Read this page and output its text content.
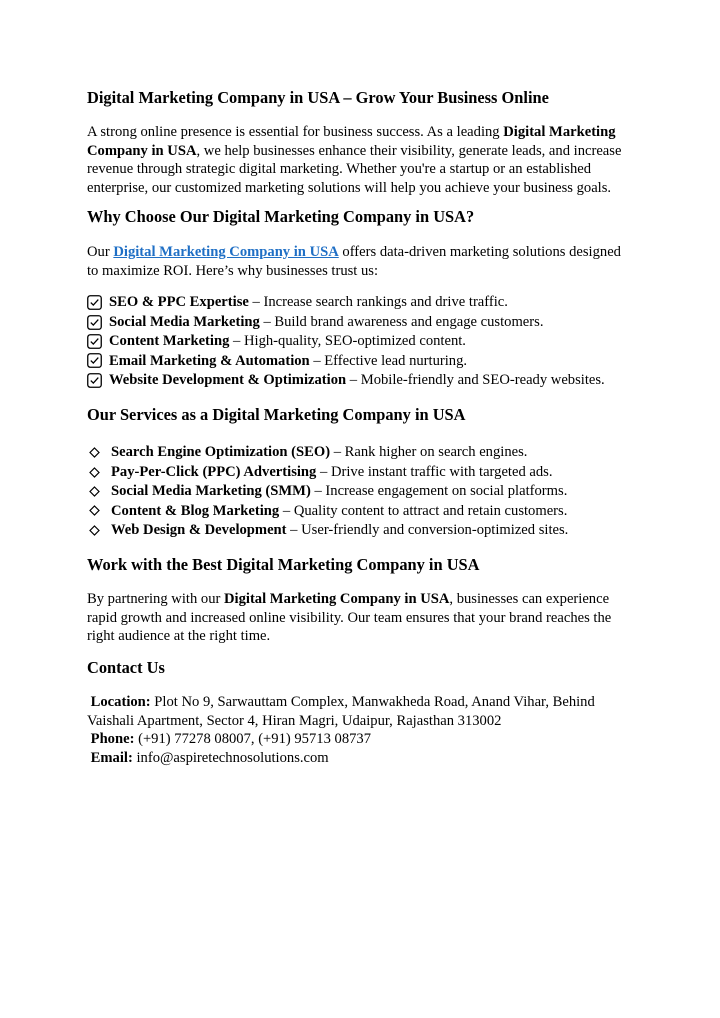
Digital Marketing Company in USA – Grow Your Business Online

A strong online presence is essential for business success. As a leading Digital Marketing Company in USA, we help businesses enhance their visibility, generate leads, and increase revenue through strategic digital marketing. Whether you're a startup or an established enterprise, our customized marketing solutions will help you achieve your business goals.

Why Choose Our Digital Marketing Company in USA?

Our Digital Marketing Company in USA offers data-driven marketing solutions designed to maximize ROI. Here’s why businesses trust us:

SEO & PPC Expertise – Increase search rankings and drive traffic.
Social Media Marketing – Build brand awareness and engage customers.
Content Marketing – High-quality, SEO-optimized content.
Email Marketing & Automation – Effective lead nurturing.
Website Development & Optimization – Mobile-friendly and SEO-ready websites.
Our Services as a Digital Marketing Company in USA
Search Engine Optimization (SEO) – Rank higher on search engines.
Pay-Per-Click (PPC) Advertising – Drive instant traffic with targeted ads.
Social Media Marketing (SMM) – Increase engagement on social platforms.
Content & Blog Marketing – Quality content to attract and retain customers.
Web Design & Development – User-friendly and conversion-optimized sites.
Work with the Best Digital Marketing Company in USA

By partnering with our Digital Marketing Company in USA, businesses can experience rapid growth and increased online visibility. Our team ensures that your brand reaches the right audience at the right time.

Contact Us
Location: Plot No 9, Sarwauttam Complex, Manwakheda Road, Anand Vihar, Behind Vaishali Apartment, Sector 4, Hiran Magri, Udaipur, Rajasthan 313002
Phone: (+91) 77278 08007, (+91) 95713 08737
Email: info@aspiretechnosolutions.com
